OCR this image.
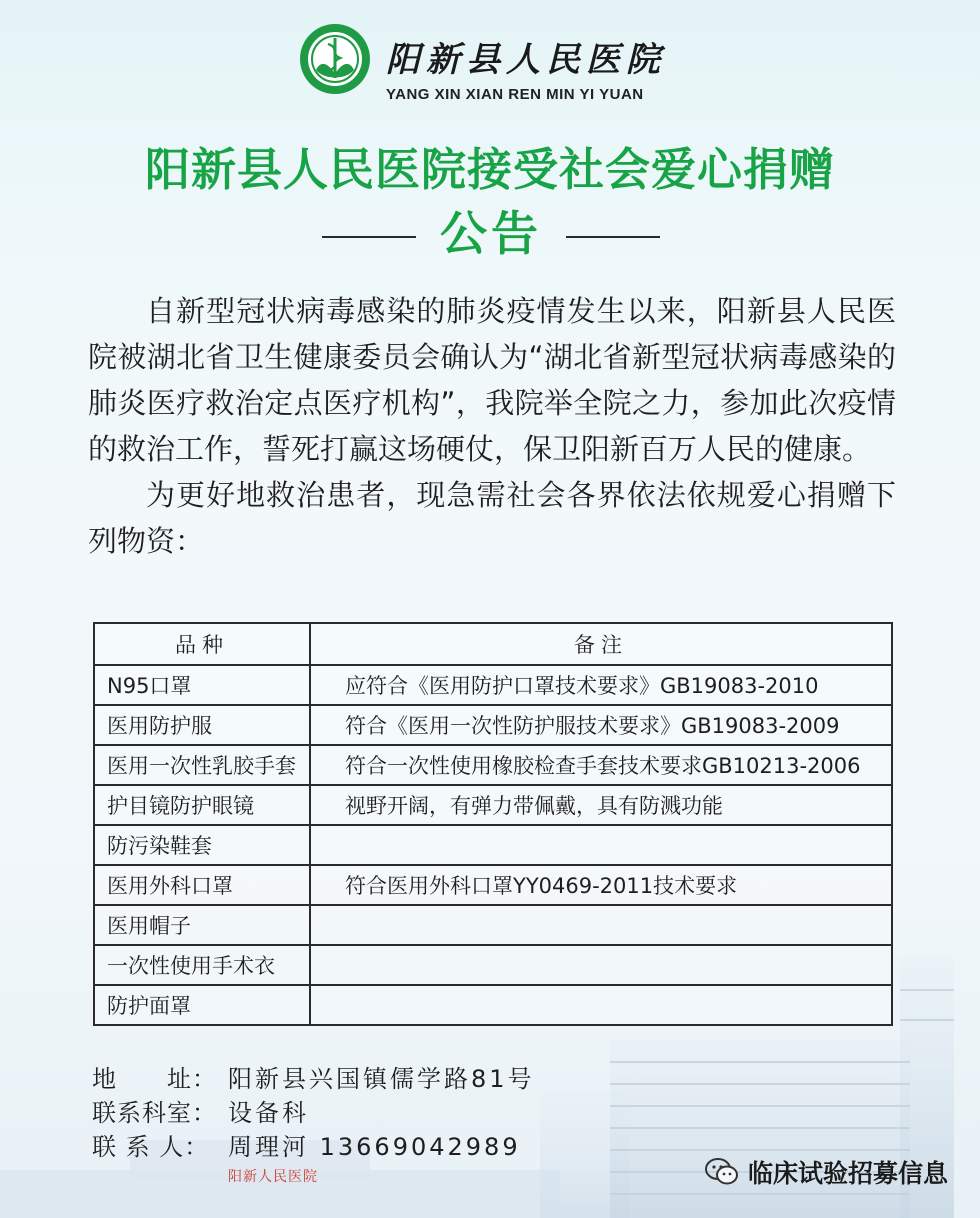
阳新县人民医院
YANG XIN XIAN REN MIN YI YUAN
阳新县人民医院接受社会爱心捐赠
公告

自新型冠状病毒感染的肺炎疫情发生以来，阳新县人民医院被湖北省卫生健康委员会确认为“湖北省新型冠状病毒感染的肺炎医疗救治定点医疗机构”，我院举全院之力，参加此次疫情的救治工作，誓死打赢这场硬仗，保卫阳新百万人民的健康。

为更好地救治患者，现急需社会各界依法依规爱心捐赠下列物资：

品种	备注
N95口罩	应符合《医用防护口罩技术要求》GB19083-2010
医用防护服	符合《医用一次性防护服技术要求》GB19083-2009
医用一次性乳胶手套	符合一次性使用橡胶检查手套技术要求GB10213-2006
护目镜防护眼镜	视野开阔，有弹力带佩戴，具有防溅功能
防污染鞋套	
医用外科口罩	符合医用外科口罩YY0469-2011技术要求
医用帽子	
一次性使用手术衣	
防护面罩	
地　　址： 阳新县兴国镇儒学路81号
联系科室： 设备科
联 系 人： 周理河 13669042989
阳新人民医院	临床试验招募信息
